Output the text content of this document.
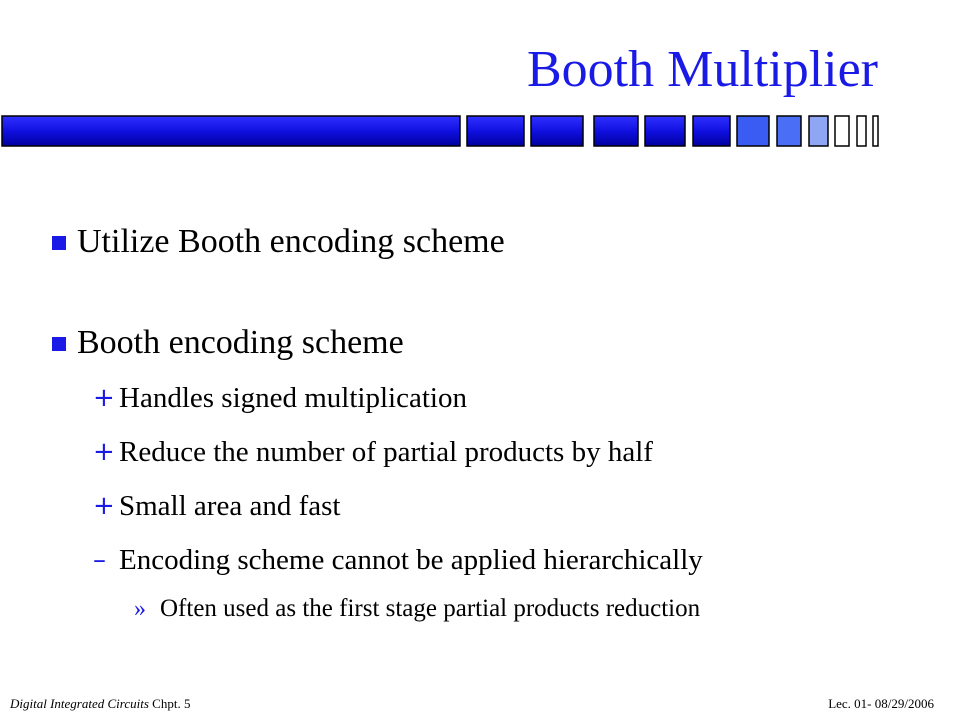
Booth Multiplier
Utilize Booth encoding scheme
Booth encoding scheme
+ Handles signed multiplication
+ Reduce the number of partial products by half
+ Small area and fast
– Encoding scheme cannot be applied hierarchically
» Often used as the first stage partial products reduction
Digital Integrated Circuits Chpt. 5	Lec. 01- 08/29/2006
